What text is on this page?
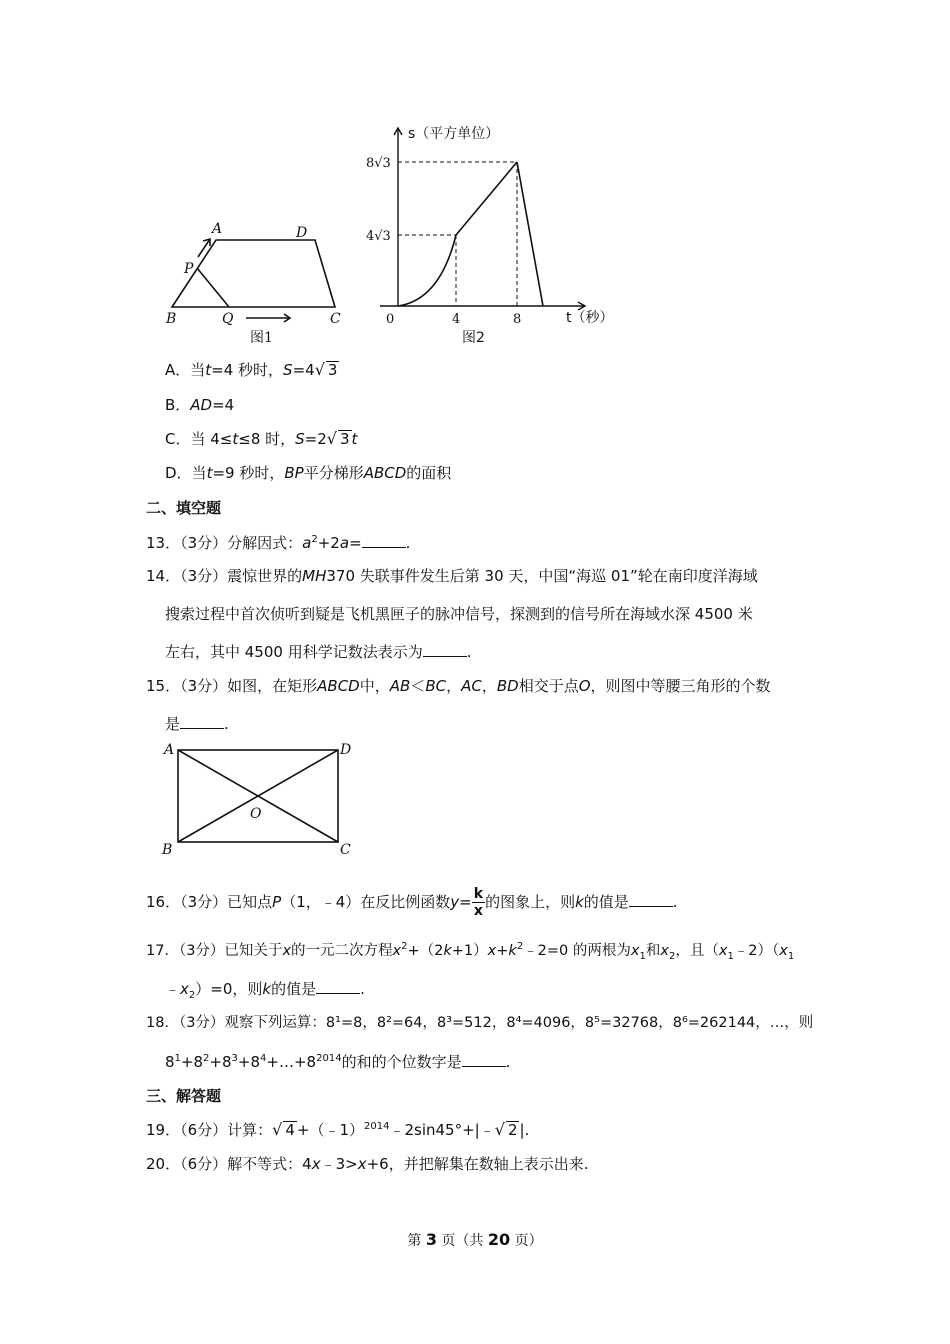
A	D
P
B	Q	C
图1
s（平方单位）
8√3
4√3
0	4	8	t（秒）
图2
A．当t=4 秒时，S=4√ 3
B．AD=4
C．当 4≤t≤8 时，S=2√ 3 t
D．当t=9 秒时，BP平分梯形ABCD的面积
二、填空题
13．（3分）分解因式：$a^2+2a=$	.
14．（3分）震惊世界的MH370 失联事件发生后第 30 天，中国“海巡 01”轮在南印度洋海域
搜索过程中首次侦听到疑是飞机黑匣子的脉冲信号，探测到的信号所在海域水深 4500 米
左右，其中 4500 用科学记数法表示为	.
15．（3分）如图，在矩形ABCD中，AB＜BC，AC，BD相交于点O，则图中等腰三角形的个数
是	.
A	D
B	C
O
16．（3分）已知点P（1，﹣4）在反比例函数$y= \frac{k}{x}$ 的图象上，则k的值是	.
17．（3分）已知关于x的一元二次方程$x^2+(2k+1)x+k^2﹣2=0$ 的两根为$x_1$和$x_2$，且$(x_1﹣2)(x_1$
$﹣x_2)=0$，则k的值是	.
18．（3分）观察下列运算：8¹=8，8²=64，8³=512，8⁴=4096，8⁵=32768，8⁶=262144，…，则
$8^1+8^2+8^3+8^4+\dots+8^{2014}$的和的个位数字是	.
三、解答题
19．（6分）计算：√ 4 +（﹣1）$^{2014}$﹣2sin45°+|﹣√ 2 |.
20．（6分）解不等式：4x﹣3>x+6，并把解集在数轴上表示出来.
第 3 页（共 20 页）
